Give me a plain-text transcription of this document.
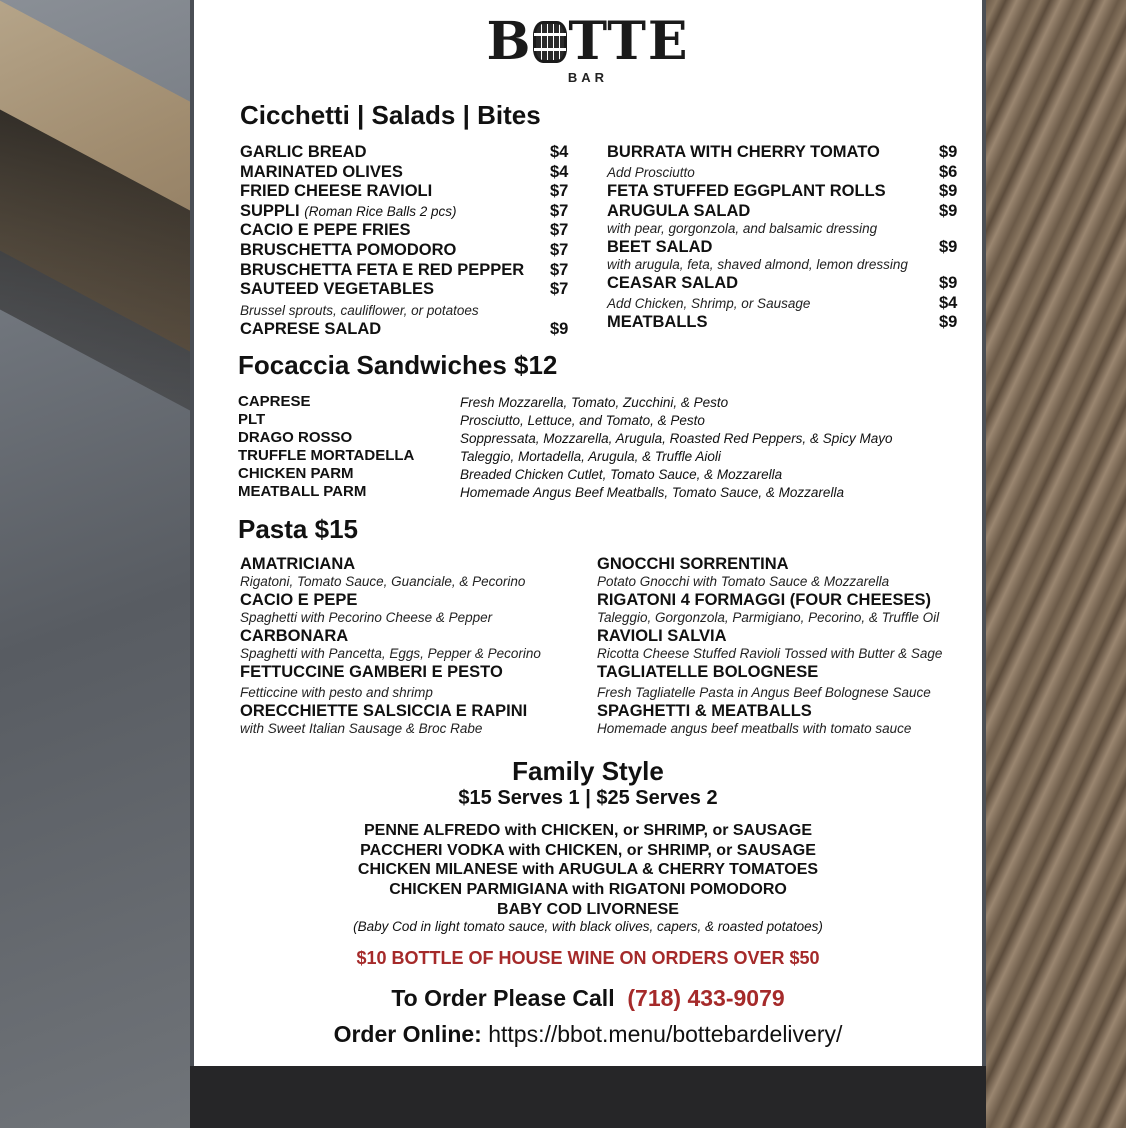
B TTE
BAR
Cicchetti | Salads | Bites
GARLIC BREAD	$4
MARINATED OLIVES	$4
FRIED CHEESE RAVIOLI	$7
SUPPLI (Roman Rice Balls 2 pcs)	$7
CACIO E PEPE FRIES	$7
BRUSCHETTA POMODORO	$7
BRUSCHETTA FETA E RED PEPPER $7
SAUTEED VEGETABLES	$7
Brussel sprouts, cauliflower, or potatoes
CAPRESE SALAD	$9
BURRATA WITH CHERRY TOMATO	$9
Add Prosciutto	$6
FETA STUFFED EGGPLANT ROLLS	$9
ARUGULA SALAD	$9
with pear, gorgonzola, and balsamic dressing
BEET SALAD	$9
with arugula, feta, shaved almond, lemon dressing
CEASAR SALAD	$9
Add Chicken, Shrimp, or Sausage	$4
MEATBALLS	$9
Focaccia Sandwiches $12
CAPRESE	Fresh Mozzarella, Tomato, Zucchini, & Pesto
PLT	Prosciutto, Lettuce, and Tomato, & Pesto
DRAGO ROSSO	Soppressata, Mozzarella, Arugula, Roasted Red Peppers, & Spicy Mayo
TRUFFLE MORTADELLA	Taleggio, Mortadella, Arugula, & Truffle Aioli
CHICKEN PARM	Breaded Chicken Cutlet, Tomato Sauce, & Mozzarella
MEATBALL PARM	Homemade Angus Beef Meatballs, Tomato Sauce, & Mozzarella
Pasta $15
AMATRICIANA
Rigatoni, Tomato Sauce, Guanciale, & Pecorino
CACIO E PEPE
Spaghetti with Pecorino Cheese & Pepper
CARBONARA
Spaghetti with Pancetta, Eggs, Pepper & Pecorino
FETTUCCINE GAMBERI E PESTO
Fetticcine with pesto and shrimp
ORECCHIETTE SALSICCIA E RAPINI
with Sweet Italian Sausage & Broc Rabe
GNOCCHI SORRENTINA
Potato Gnocchi with Tomato Sauce & Mozzarella
RIGATONI 4 FORMAGGI (FOUR CHEESES)
Taleggio, Gorgonzola, Parmigiano, Pecorino, & Truffle Oil
RAVIOLI SALVIA
Ricotta Cheese Stuffed Ravioli Tossed with Butter & Sage
TAGLIATELLE BOLOGNESE
Fresh Tagliatelle Pasta in Angus Beef Bolognese Sauce
SPAGHETTI & MEATBALLS
Homemade angus beef meatballs with tomato sauce
Family Style
$15 Serves 1 | $25 Serves 2
PENNE ALFREDO with CHICKEN, or SHRIMP, or SAUSAGE
PACCHERI VODKA with CHICKEN, or SHRIMP, or SAUSAGE
CHICKEN MILANESE with ARUGULA & CHERRY TOMATOES
CHICKEN PARMIGIANA with RIGATONI POMODORO
BABY COD LIVORNESE
(Baby Cod in light tomato sauce, with black olives, capers, & roasted potatoes)
$10 BOTTLE OF HOUSE WINE ON ORDERS OVER $50
To Order Please Call (718) 433-9079
Order Online: https://bbot.menu/bottebardelivery/
